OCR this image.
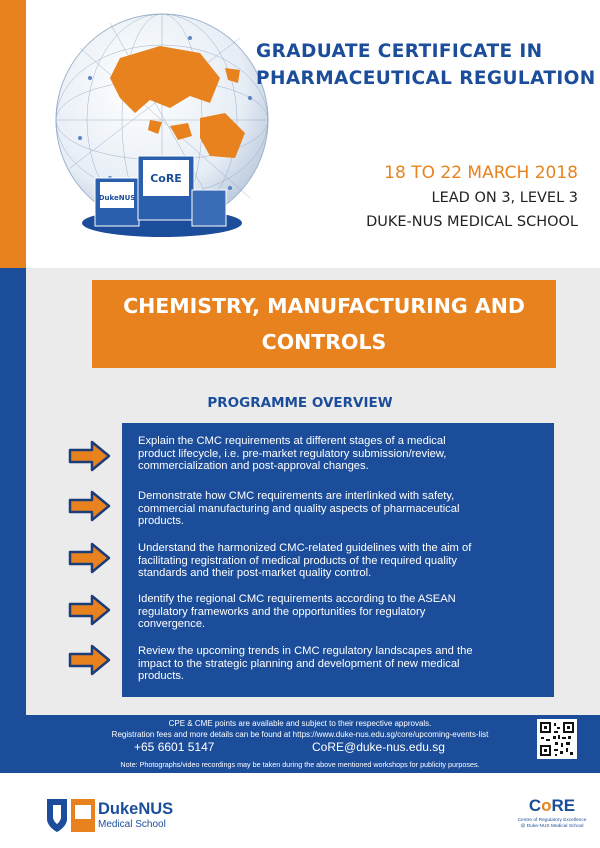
DukeNUS
CoRE
GRADUATE CERTIFICATE IN
PHARMACEUTICAL REGULATION
18 TO 22 MARCH 2018
LEAD ON 3, LEVEL 3
DUKE-NUS MEDICAL SCHOOL

CHEMISTRY, MANUFACTURING AND
CONTROLS

PROGRAMME OVERVIEW

Explain the CMC requirements at different stages of a medical
product lifecycle, i.e. pre-market regulatory submission/review,
commercialization and post-approval changes.

Demonstrate how CMC requirements are interlinked with safety,
commercial manufacturing and quality aspects of pharmaceutical
products.

Understand the harmonized CMC-related guidelines with the aim of
facilitating registration of medical products of the required quality
standards and their post-market quality control.

Identify the regional CMC requirements according to the ASEAN
regulatory frameworks and the opportunities for regulatory
convergence.

Review the upcoming trends in CMC regulatory landscapes and the
impact to the strategic planning and development of new medical
products.

CPE & CME points are available and subject to their respective approvals.
Registration fees and more details can be found at https://www.duke-nus.edu.sg/core/upcoming-events-list
+65 6601 5147	CoRE@duke-nus.edu.sg
Note: Photographs/video recordings may be taken during the above mentioned workshops for publicity purposes.
DukeNUS
Medical School
CoRE
Centre of Regulatory Excellence
@ Duke-NUS Medical School
